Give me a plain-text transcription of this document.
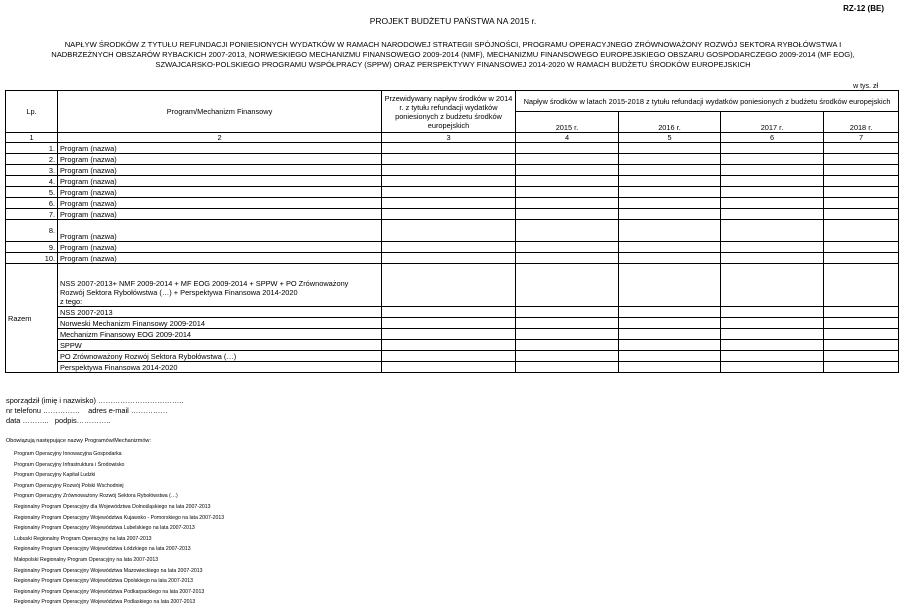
RZ-12 (BE)
PROJEKT BUDŻETU PAŃSTWA NA 2015 r.
NAPŁYW ŚRODKÓW Z TYTUŁU REFUNDACJI PONIESIONYCH WYDATKÓW W RAMACH NARODOWEJ STRATEGII SPÓJNOŚCI, PROGRAMU OPERACYJNEGO ZRÓWNOWAŻONY ROZWÓJ SEKTORA RYBOŁÓWSTWA I
NADBRZEŻNYCH OBSZARÓW RYBACKICH 2007-2013, NORWESKIEGO MECHANIZMU FINANSOWEGO 2009-2014 (NMF), MECHANIZMU FINANSOWEGO EUROPEJSKIEGO OBSZARU GOSPODARCZEGO 2009-2014 (MF EOG),
SZWAJCARSKO-POLSKIEGO PROGRAMU WSPÓŁPRACY (SPPW) ORAZ PERSPEKTYWY FINANSOWEJ 2014-2020 W RAMACH BUDŻETU ŚRODKÓW EUROPEJSKICH
w tys. zł
Lp.	Program/Mechanizm Finansowy	Przewidywany napływ środków w 2014 r. z tytułu refundacji wydatków poniesionych z budżetu środków europejskich	Napływ środków w latach 2015-2018 z tytułu refundacji wydatków poniesionych z budżetu środków europejskich			
			2015 r.	2016 r.	2017 r.	2018 r.
1	2	3	4	5	6	7
1.	Program (nazwa)					
2.	Program (nazwa)					
3.	Program (nazwa)					
4.	Program (nazwa)					
5.	Program (nazwa)					
6.	Program (nazwa)					
7.	Program (nazwa)					
8.	Program (nazwa)					
9.	Program (nazwa)					
10.	Program (nazwa)					
Razem	NSS 2007-2013+ NMF 2009-2014 + MF EOG 2009-2014 + SPPW + PO Zrównoważony
Rozwój Sektora Rybołówstwa (…) + Perspektywa Finansowa 2014-2020
z tego:					

	NSS 2007-2013					
	Norweski Mechanizm Finansowy 2009-2014					
	Mechanizm Finansowy EOG 2009-2014					
	SPPW					
	PO Zrównoważony Rozwój Sektora Rybołówstwa (…)					
	Perspektywa Finansowa 2014-2020					
sporządził (imię i nazwisko) ……………………………..
nr telefonu …………… adres e-mail ……………
data ……….. podpis…………..
Obowiązują następujące nazwy Programów/Mechanizmów:
Program Operacyjny Innowacyjna Gospodarka
Program Operacyjny Infrastruktura i Środowisko
Program Operacyjny Kapitał Ludzki
Program Operacyjny Rozwój Polski Wschodniej
Program Operacyjny Zrównoważony Rozwój Sektora Rybołówstwa (…)
Regionalny Program Operacyjny dla Województwa Dolnośląskiego na lata 2007-2013
Regionalny Program Operacyjny Województwa Kujawsko - Pomorskiego na lata 2007-2013
Regionalny Program Operacyjny Województwa Lubelskiego na lata 2007-2013
Lubuski Regionalny Program Operacyjny na lata 2007-2013
Regionalny Program Operacyjny Województwa Łódzkiego na lata 2007-2013
Małopolski Regionalny Program Operacyjny na lata 2007-2013
Regionalny Program Operacyjny Województwa Mazowieckiego na lata 2007-2013
Regionalny Program Operacyjny Województwa Opolskiego na lata 2007-2013
Regionalny Program Operacyjny Województwa Podkarpackiego na lata 2007-2013
Regionalny Program Operacyjny Województwa Podlaskiego na lata 2007-2013
